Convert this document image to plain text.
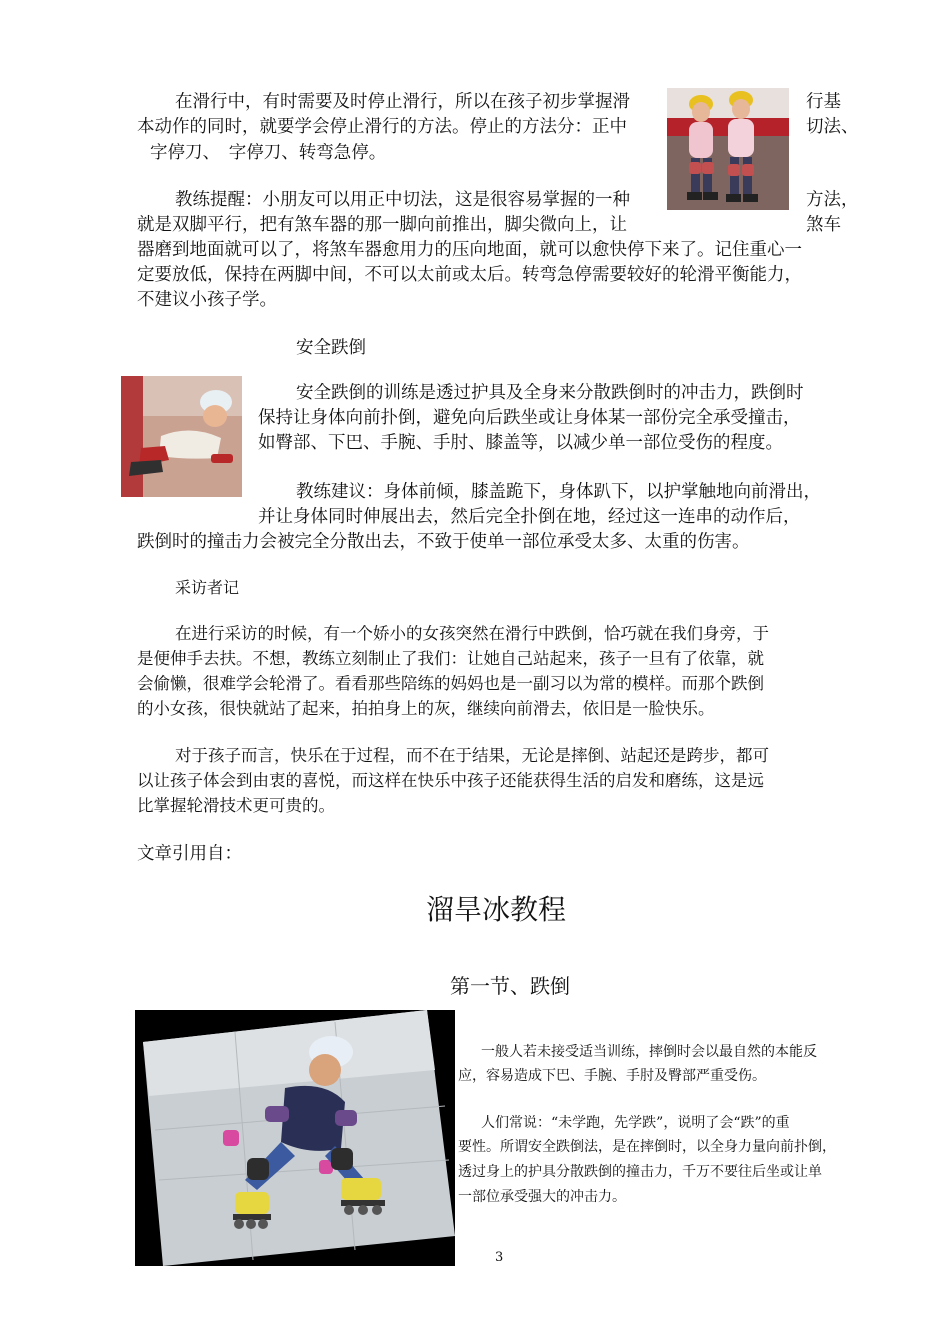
在滑行中，有时需要及时停止滑行，所以在孩子初步掌握滑	行基
本动作的同时，就要学会停止滑行的方法。停止的方法分：正中	切法、
字停刀、　字停刀、转弯急停。
教练提醒：小朋友可以用正中切法，这是很容易掌握的一种	方法，
就是双脚平行，把有煞车器的那一脚向前推出，脚尖微向上，让	煞车
器磨到地面就可以了，将煞车器愈用力的压向地面，就可以愈快停下来了。记住重心一
定要放低，保持在两脚中间，不可以太前或太后。转弯急停需要较好的轮滑平衡能力，
不建议小孩子学。
安全跌倒
安全跌倒的训练是透过护具及全身来分散跌倒时的冲击力，跌倒时
保持让身体向前扑倒，避免向后跌坐或让身体某一部份完全承受撞击，
如臀部、下巴、手腕、手肘、膝盖等，以减少单一部位受伤的程度。
教练建议：身体前倾，膝盖跪下，身体趴下，以护掌触地向前滑出，
并让身体同时伸展出去，然后完全扑倒在地，经过这一连串的动作后，
跌倒时的撞击力会被完全分散出去，不致于使单一部位承受太多、太重的伤害。
采访者记
在进行采访的时候，有一个娇小的女孩突然在滑行中跌倒，恰巧就在我们身旁，于
是便伸手去扶。不想，教练立刻制止了我们：让她自己站起来，孩子一旦有了依靠，就
会偷懒，很难学会轮滑了。看看那些陪练的妈妈也是一副习以为常的模样。而那个跌倒
的小女孩，很快就站了起来，拍拍身上的灰，继续向前滑去，依旧是一脸快乐。
对于孩子而言，快乐在于过程，而不在于结果，无论是摔倒、站起还是跨步，都可
以让孩子体会到由衷的喜悦，而这样在快乐中孩子还能获得生活的启发和磨练，这是远
比掌握轮滑技术更可贵的。
文章引用自：
溜旱冰教程
第一节、跌倒
一般人若未接受适当训练，摔倒时会以最自然的本能反
应，容易造成下巴、手腕、手肘及臀部严重受伤。
人们常说：“未学跑，先学跌”，说明了会“跌”的重
要性。所谓安全跌倒法，是在摔倒时，以全身力量向前扑倒，
透过身上的护具分散跌倒的撞击力，千万不要往后坐或让单
一部位承受强大的冲击力。
3
